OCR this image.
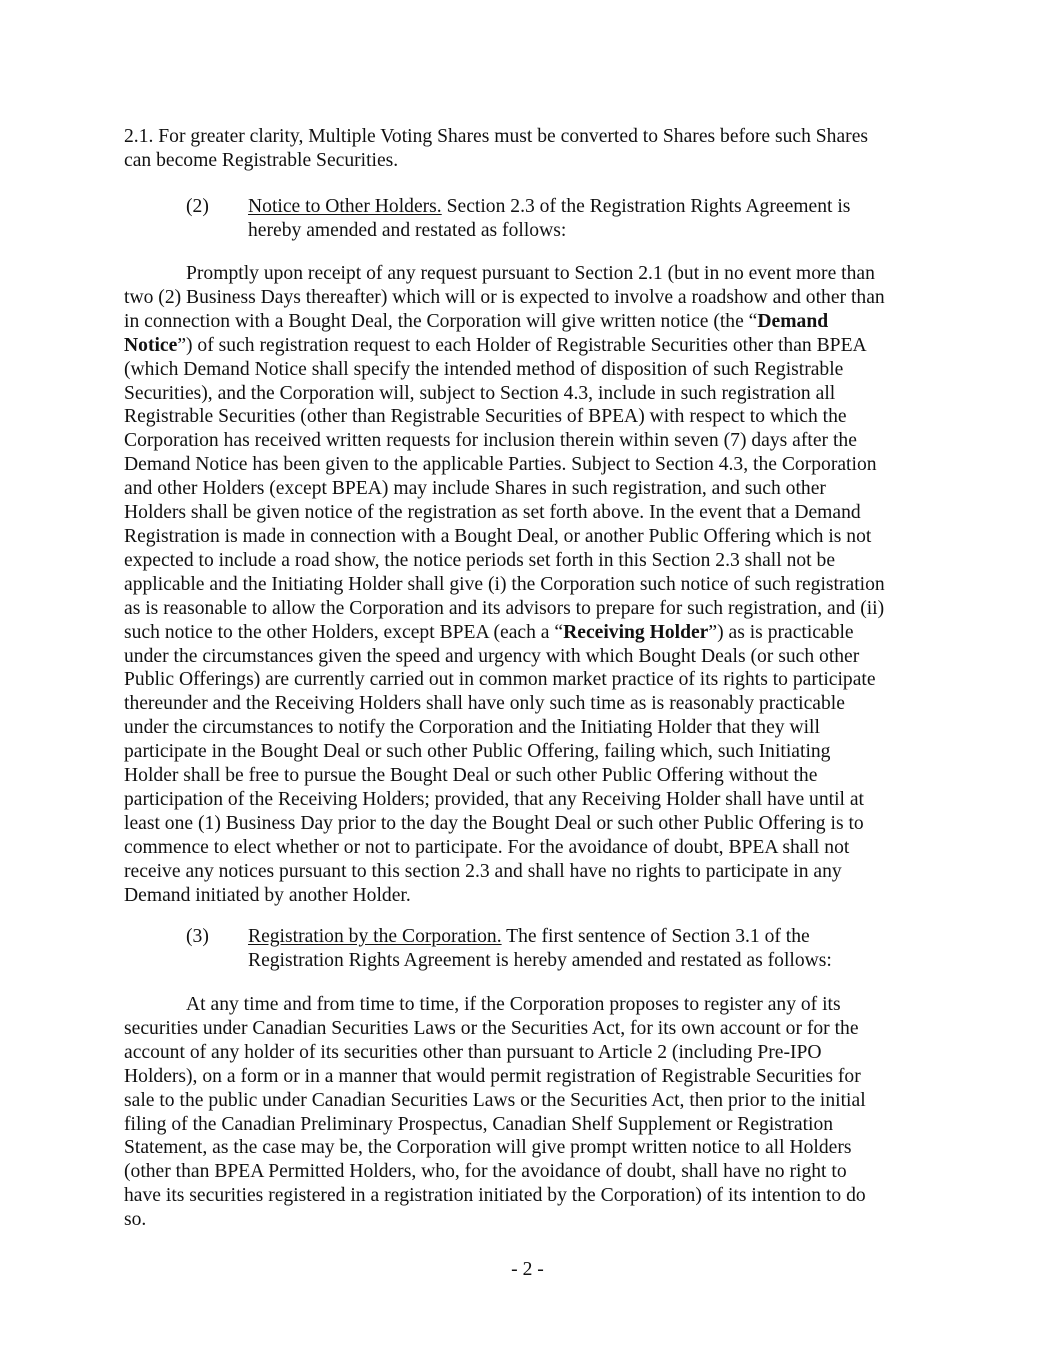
2.1. For greater clarity, Multiple Voting Shares must be converted to Shares before such Shares
can become Registrable Securities.
(2) Notice to Other Holders. Section 2.3 of the Registration Rights Agreement is
hereby amended and restated as follows:
Promptly upon receipt of any request pursuant to Section 2.1 (but in no event more than
two (2) Business Days thereafter) which will or is expected to involve a roadshow and other than
in connection with a Bought Deal, the Corporation will give written notice (the “Demand
Notice”) of such registration request to each Holder of Registrable Securities other than BPEA
(which Demand Notice shall specify the intended method of disposition of such Registrable
Securities), and the Corporation will, subject to Section 4.3, include in such registration all
Registrable Securities (other than Registrable Securities of BPEA) with respect to which the
Corporation has received written requests for inclusion therein within seven (7) days after the
Demand Notice has been given to the applicable Parties. Subject to Section 4.3, the Corporation
and other Holders (except BPEA) may include Shares in such registration, and such other
Holders shall be given notice of the registration as set forth above. In the event that a Demand
Registration is made in connection with a Bought Deal, or another Public Offering which is not
expected to include a road show, the notice periods set forth in this Section 2.3 shall not be
applicable and the Initiating Holder shall give (i) the Corporation such notice of such registration
as is reasonable to allow the Corporation and its advisors to prepare for such registration, and (ii)
such notice to the other Holders, except BPEA (each a “Receiving Holder”) as is practicable
under the circumstances given the speed and urgency with which Bought Deals (or such other
Public Offerings) are currently carried out in common market practice of its rights to participate
thereunder and the Receiving Holders shall have only such time as is reasonably practicable
under the circumstances to notify the Corporation and the Initiating Holder that they will
participate in the Bought Deal or such other Public Offering, failing which, such Initiating
Holder shall be free to pursue the Bought Deal or such other Public Offering without the
participation of the Receiving Holders; provided, that any Receiving Holder shall have until at
least one (1) Business Day prior to the day the Bought Deal or such other Public Offering is to
commence to elect whether or not to participate. For the avoidance of doubt, BPEA shall not
receive any notices pursuant to this section 2.3 and shall have no rights to participate in any
Demand initiated by another Holder.
(3) Registration by the Corporation. The first sentence of Section 3.1 of the
Registration Rights Agreement is hereby amended and restated as follows:
At any time and from time to time, if the Corporation proposes to register any of its
securities under Canadian Securities Laws or the Securities Act, for its own account or for the
account of any holder of its securities other than pursuant to Article 2 (including Pre-IPO
Holders), on a form or in a manner that would permit registration of Registrable Securities for
sale to the public under Canadian Securities Laws or the Securities Act, then prior to the initial
filing of the Canadian Preliminary Prospectus, Canadian Shelf Supplement or Registration
Statement, as the case may be, the Corporation will give prompt written notice to all Holders
(other than BPEA Permitted Holders, who, for the avoidance of doubt, shall have no right to
have its securities registered in a registration initiated by the Corporation) of its intention to do
so.
- 2 -
